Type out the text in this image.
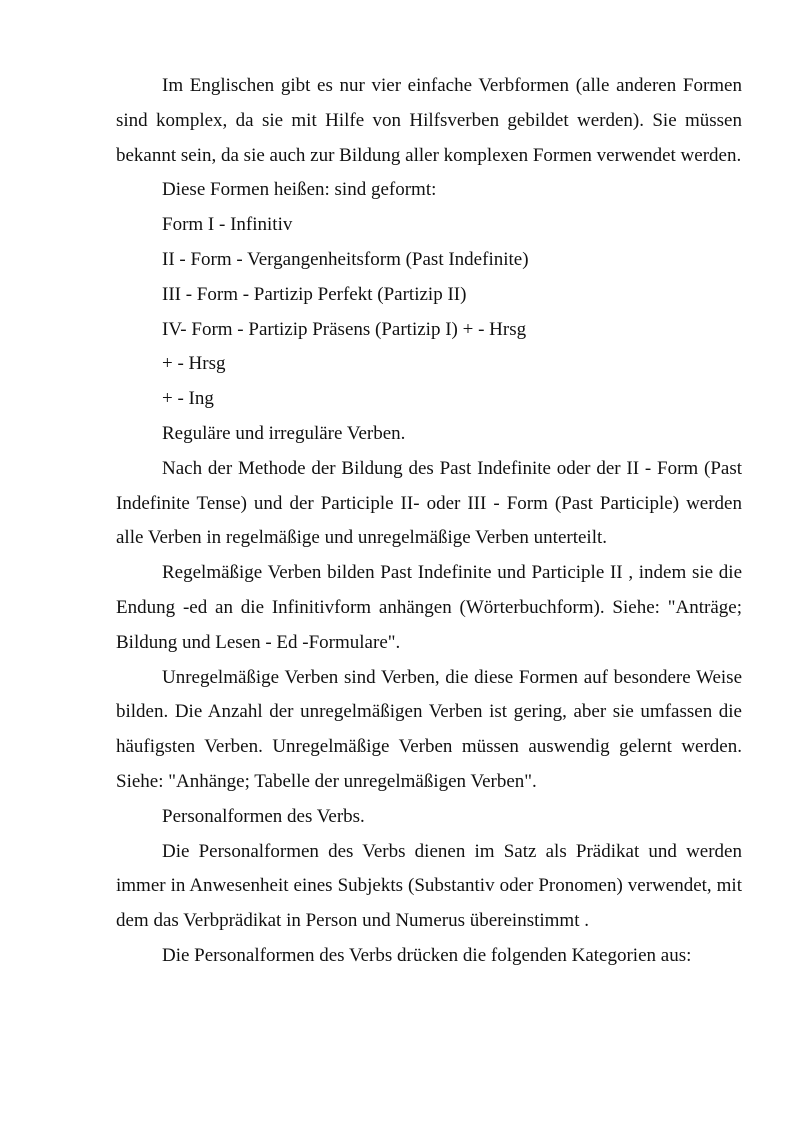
Im Englischen gibt es nur vier einfache Verbformen (alle anderen Formen sind komplex, da sie mit Hilfe von Hilfsverben gebildet werden). Sie müssen bekannt sein, da sie auch zur Bildung aller komplexen Formen verwendet werden.

Diese Formen heißen: sind geformt:

Form I - Infinitiv

II - Form - Vergangenheitsform (Past Indefinite)

III - Form - Partizip Perfekt (Partizip II)

IV- Form - Partizip Präsens (Partizip I) + - Hrsg

+ - Hrsg

+ - Ing

Reguläre und irreguläre Verben.

Nach der Methode der Bildung des Past Indefinite oder der II - Form (Past Indefinite Tense) und der Participle II- oder III - Form (Past Participle) werden alle Verben in regelmäßige und unregelmäßige Verben unterteilt.

Regelmäßige Verben bilden Past Indefinite und Participle II , indem sie die Endung -ed an die Infinitivform anhängen (Wörterbuchform). Siehe: "Anträge; Bildung und Lesen - Ed -Formulare".

Unregelmäßige Verben sind Verben, die diese Formen auf besondere Weise bilden. Die Anzahl der unregelmäßigen Verben ist gering, aber sie umfassen die häufigsten Verben. Unregelmäßige Verben müssen auswendig gelernt werden. Siehe: "Anhänge; Tabelle der unregelmäßigen Verben".

Personalformen des Verbs.

Die Personalformen des Verbs dienen im Satz als Prädikat und werden immer in Anwesenheit eines Subjekts (Substantiv oder Pronomen) verwendet, mit dem das Verbprädikat in Person und Numerus übereinstimmt .

Die Personalformen des Verbs drücken die folgenden Kategorien aus:
